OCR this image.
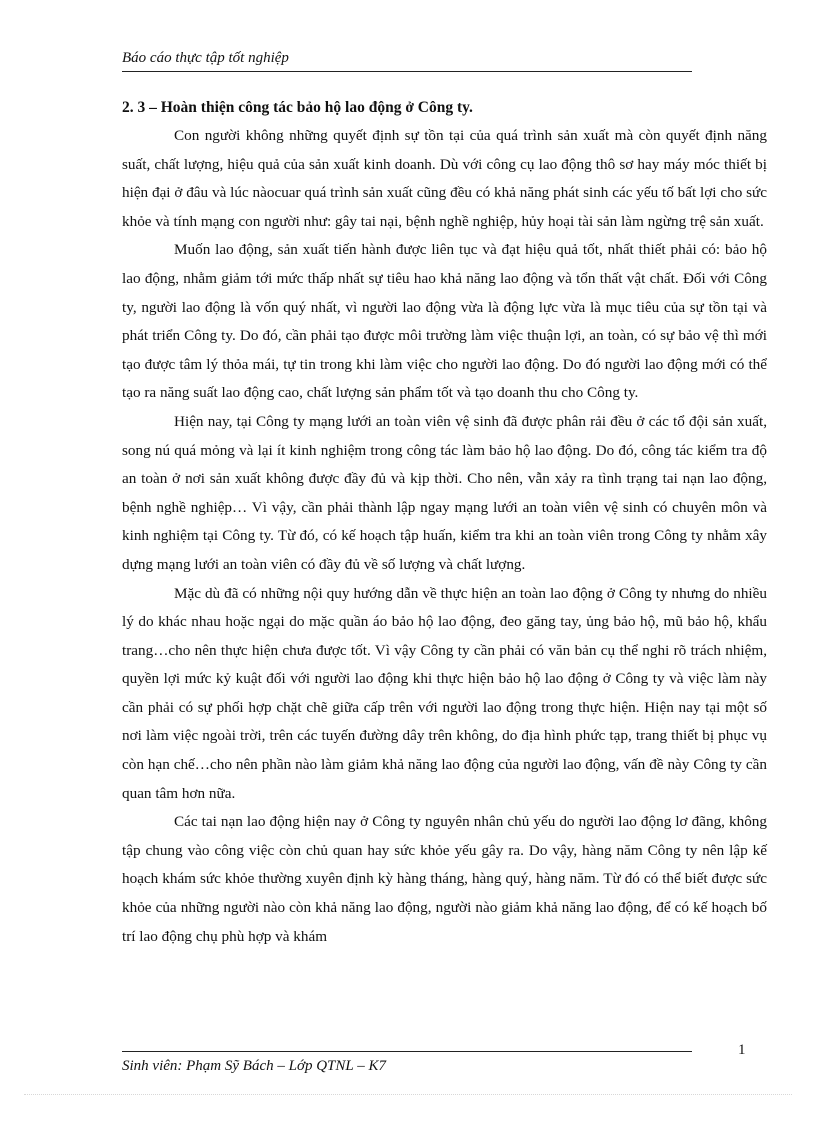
Báo cáo thực tập tốt nghiệp

2. 3 – Hoàn thiện công tác bảo hộ lao động ở Công ty.

Con người không những quyết định sự tồn tại của quá trình sản xuất mà còn quyết định năng suất, chất lượng, hiệu quả của sản xuất kinh doanh. Dù với công cụ lao động thô sơ hay máy móc thiết bị hiện đại ở đâu và lúc nàocuar quá trình sản xuất cũng đều có khả năng phát sinh các yếu tố bất lợi cho sức khỏe và tính mạng con người như: gây tai nại, bệnh nghề nghiệp, hủy hoại tài sản làm ngừng trệ sản xuất.

Muốn lao động, sản xuất tiến hành được liên tục và đạt hiệu quả tốt, nhất thiết phải có: bảo hộ lao động, nhằm giảm tới mức thấp nhất sự tiêu hao khả năng lao động và tổn thất vật chất. Đối với Công ty, người lao động là vốn quý nhất, vì người lao động vừa là động lực vừa là mục tiêu của sự tồn tại và phát triển Công ty. Do đó, cần phải tạo được môi trường làm việc thuận lợi, an toàn, có sự bảo vệ thì mới tạo được tâm lý thỏa mái, tự tin trong khi làm việc cho người lao động. Do đó người lao động mới có thể tạo ra năng suất lao động cao, chất lượng sản phẩm tốt và tạo doanh thu cho Công ty.

Hiện nay, tại Công ty mạng lưới an toàn viên vệ sinh đã được phân rải đều ở các tổ đội sản xuất, song nú quá mỏng và lại ít kinh nghiệm trong công tác làm bảo hộ lao động. Do đó, công tác kiểm tra độ an toàn ở nơi sản xuất không được đầy đủ và kịp thời. Cho nên, vẫn xảy ra tình trạng tai nạn lao động, bệnh nghề nghiệp… Vì vậy, cần phải thành lập ngay mạng lưới an toàn viên vệ sinh có chuyên môn và kinh nghiệm tại Công ty. Từ đó, có kế hoạch tập huấn, kiểm tra khi an toàn viên trong Công ty nhằm xây dựng mạng lưới an toàn viên có đầy đủ về số lượng và chất lượng.

Mặc dù đã có những nội quy hướng dẫn về thực hiện an toàn lao động ở Công ty nhưng do nhiều lý do khác nhau hoặc ngại do mặc quần áo bảo hộ lao động, đeo găng tay, ủng bảo hộ, mũ bảo hộ, khẩu trang…cho nên thực hiện chưa được tốt. Vì vậy Công ty cần phải có văn bản cụ thể nghi rõ trách nhiệm, quyền lợi mức kỷ kuật đối với người lao động khi thực hiện bảo hộ lao động ở Công ty và việc làm này cần phải có sự phối hợp chặt chẽ giữa cấp trên với người lao động trong thực hiện. Hiện nay tại một số nơi làm việc ngoài trời, trên các tuyến đường dây trên không, do địa hình phức tạp, trang thiết bị phục vụ còn hạn chế…cho nên phần nào làm giảm khả năng lao động của người lao động, vấn đề này Công ty cần quan tâm hơn nữa.

Các tai nạn lao động hiện nay ở Công ty nguyên nhân chủ yếu do người lao động lơ đãng, không tập chung vào công việc còn chủ quan hay sức khỏe yếu gây ra. Do vậy, hàng năm Công ty nên lập kế hoạch khám sức khỏe thường xuyên định kỳ hàng tháng, hàng quý, hàng năm. Từ đó có thể biết được sức khỏe của những người nào còn khả năng lao động, người nào giảm khả năng lao động, để có kế hoạch bố trí lao động chụ phù hợp và khám

1
Sinh viên: Phạm Sỹ Bách – Lớp QTNL – K7
